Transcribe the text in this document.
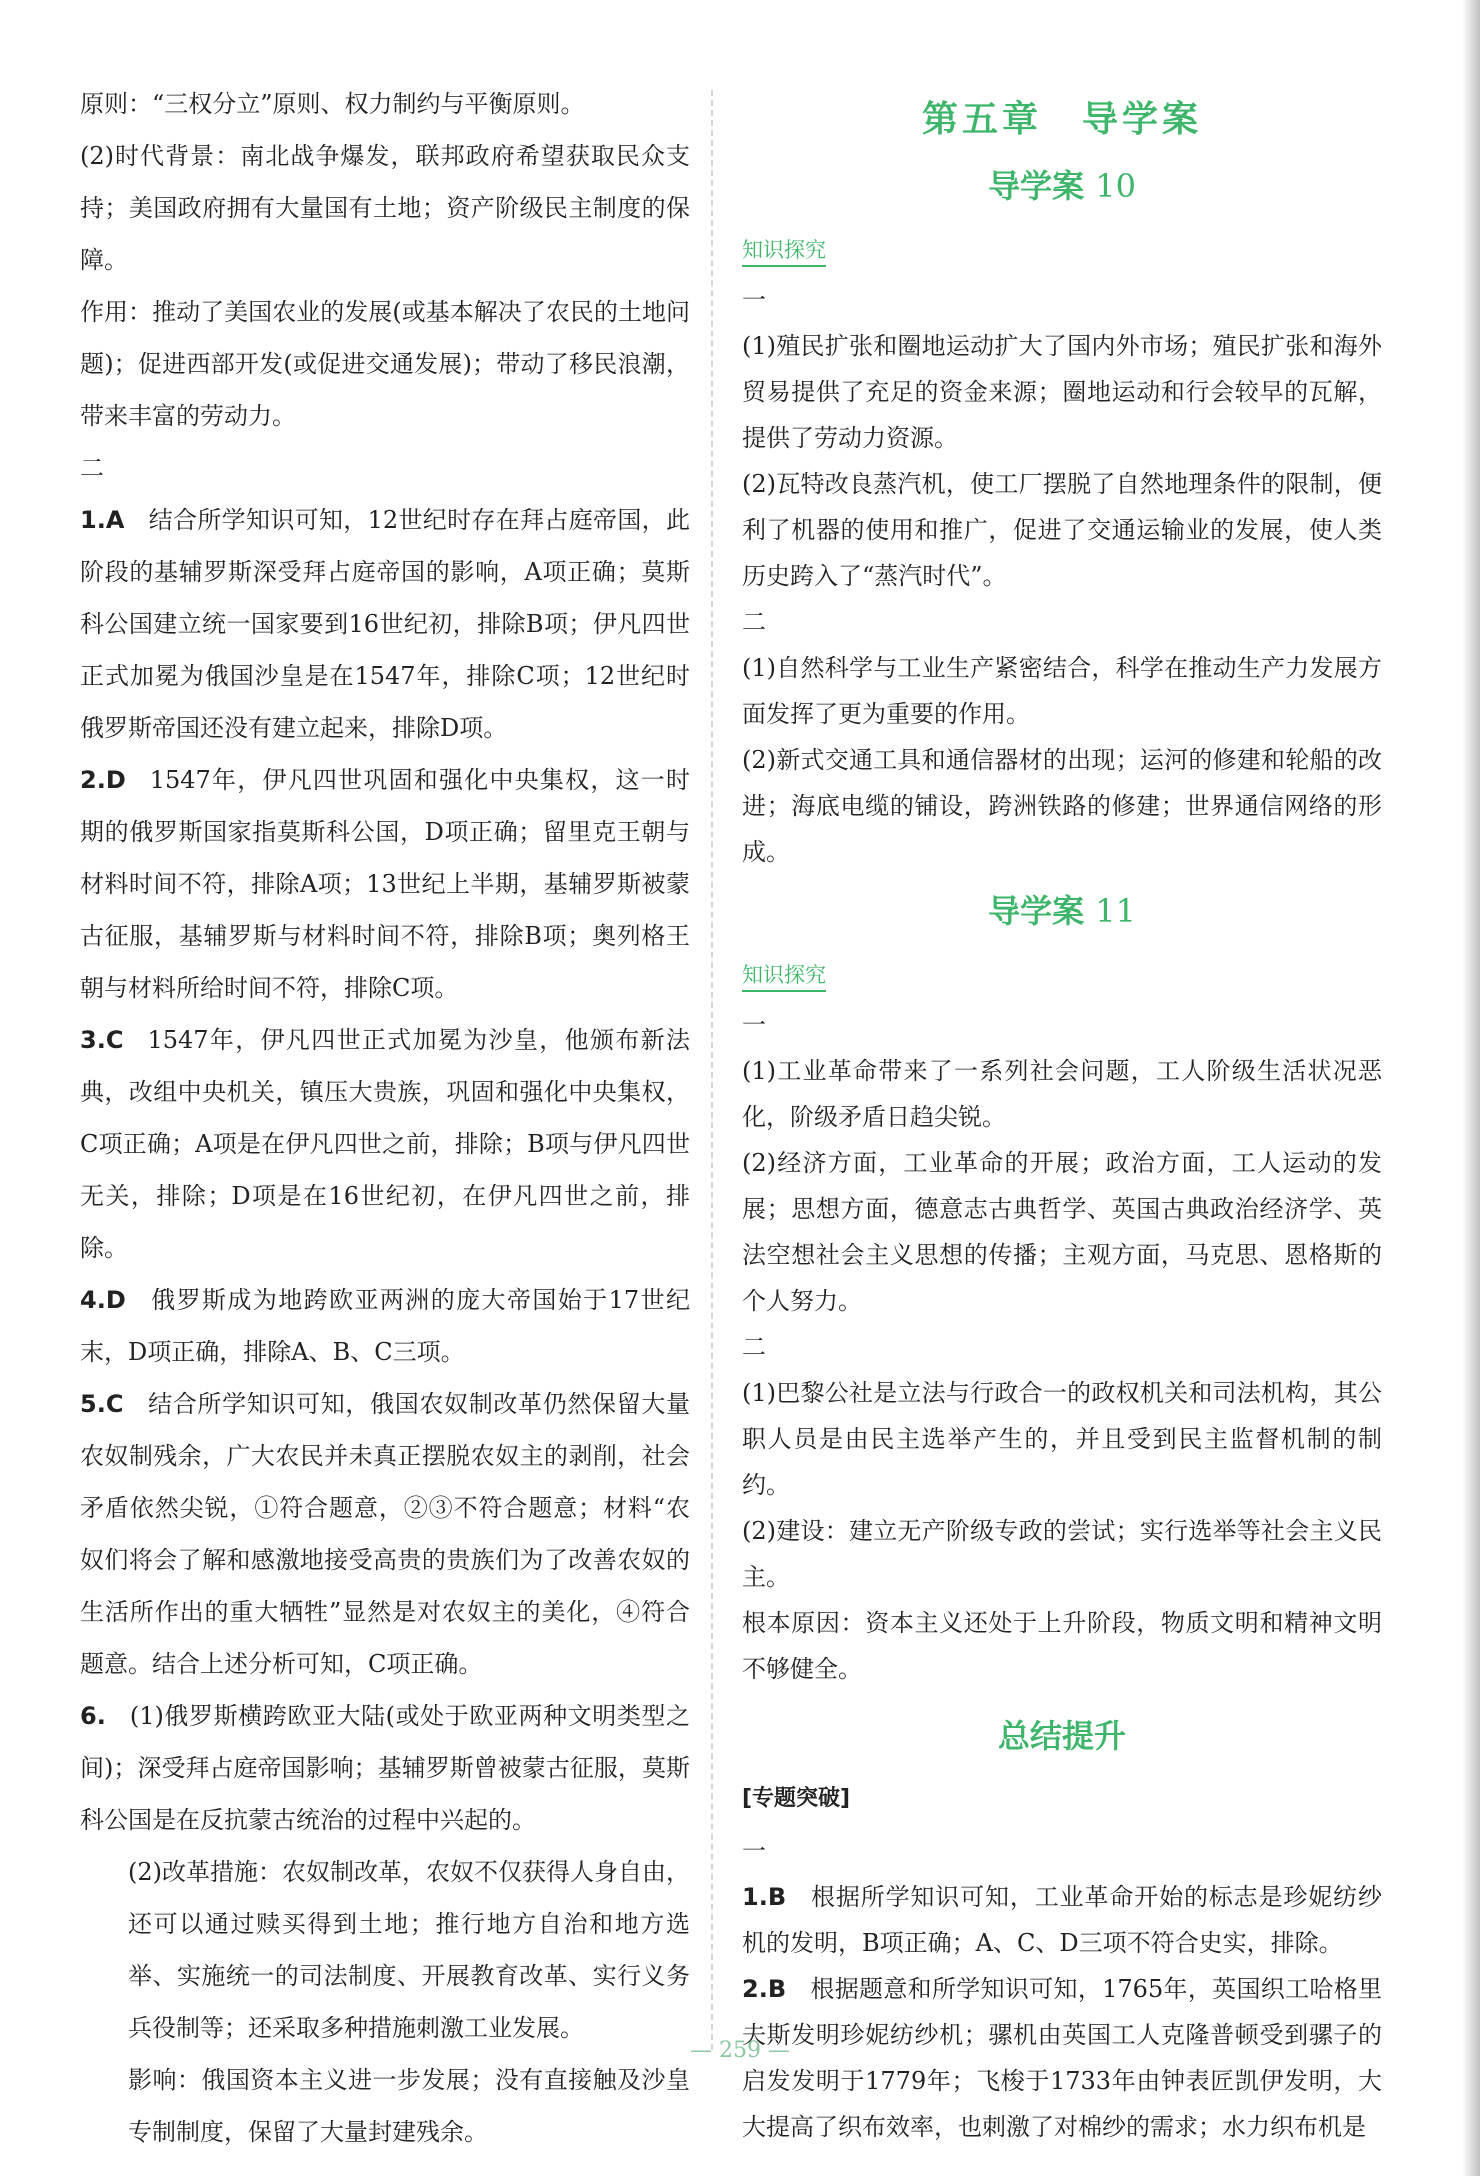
原则：“三权分立”原则、权力制约与平衡原则。

(2)时代背景：南北战争爆发，联邦政府希望获取民众支持；美国政府拥有大量国有土地；资产阶级民主制度的保障。

作用：推动了美国农业的发展(或基本解决了农民的土地问题)；促进西部开发(或促进交通发展)；带动了移民浪潮，带来丰富的劳动力。

二

1.A  结合所学知识可知，12世纪时存在拜占庭帝国，此阶段的基辅罗斯深受拜占庭帝国的影响，A项正确；莫斯科公国建立统一国家要到16世纪初，排除B项；伊凡四世正式加冕为俄国沙皇是在1547年，排除C项；12世纪时俄罗斯帝国还没有建立起来，排除D项。

2.D  1547年，伊凡四世巩固和强化中央集权，这一时期的俄罗斯国家指莫斯科公国，D项正确；留里克王朝与材料时间不符，排除A项；13世纪上半期，基辅罗斯被蒙古征服，基辅罗斯与材料时间不符，排除B项；奥列格王朝与材料所给时间不符，排除C项。

3.C  1547年，伊凡四世正式加冕为沙皇，他颁布新法典，改组中央机关，镇压大贵族，巩固和强化中央集权，C项正确；A项是在伊凡四世之前，排除；B项与伊凡四世无关，排除；D项是在16世纪初，在伊凡四世之前，排除。

4.D  俄罗斯成为地跨欧亚两洲的庞大帝国始于17世纪末，D项正确，排除A、B、C三项。

5.C  结合所学知识可知，俄国农奴制改革仍然保留大量农奴制残余，广大农民并未真正摆脱农奴主的剥削，社会矛盾依然尖锐，①符合题意，②③不符合题意；材料“农奴们将会了解和感激地接受高贵的贵族们为了改善农奴的生活所作出的重大牺牲”显然是对农奴主的美化，④符合题意。结合上述分析可知，C项正确。

6.  (1)俄罗斯横跨欧亚大陆(或处于欧亚两种文明类型之间)；深受拜占庭帝国影响；基辅罗斯曾被蒙古征服，莫斯科公国是在反抗蒙古统治的过程中兴起的。

(2)改革措施：农奴制改革，农奴不仅获得人身自由，还可以通过赎买得到土地；推行地方自治和地方选举、实施统一的司法制度、开展教育改革、实行义务兵役制等；还采取多种措施刺激工业发展。

影响：俄国资本主义进一步发展；没有直接触及沙皇专制制度，保留了大量封建残余。

第五章　导学案
导学案 10
知识探究

一

(1)殖民扩张和圈地运动扩大了国内外市场；殖民扩张和海外贸易提供了充足的资金来源；圈地运动和行会较早的瓦解，提供了劳动力资源。

(2)瓦特改良蒸汽机，使工厂摆脱了自然地理条件的限制，便利了机器的使用和推广，促进了交通运输业的发展，使人类历史跨入了“蒸汽时代”。

二

(1)自然科学与工业生产紧密结合，科学在推动生产力发展方面发挥了更为重要的作用。

(2)新式交通工具和通信器材的出现；运河的修建和轮船的改进；海底电缆的铺设，跨洲铁路的修建；世界通信网络的形成。

导学案 11
知识探究

一

(1)工业革命带来了一系列社会问题，工人阶级生活状况恶化，阶级矛盾日趋尖锐。

(2)经济方面，工业革命的开展；政治方面，工人运动的发展；思想方面，德意志古典哲学、英国古典政治经济学、英法空想社会主义思想的传播；主观方面，马克思、恩格斯的个人努力。

二

(1)巴黎公社是立法与行政合一的政权机关和司法机构，其公职人员是由民主选举产生的，并且受到民主监督机制的制约。

(2)建设：建立无产阶级专政的尝试；实行选举等社会主义民主。

根本原因：资本主义还处于上升阶段，物质文明和精神文明不够健全。

总结提升
[专题突破]

一

1.B  根据所学知识可知，工业革命开始的标志是珍妮纺纱机的发明，B项正确；A、C、D三项不符合史实，排除。

2.B  根据题意和所学知识可知，1765年，英国织工哈格里夫斯发明珍妮纺纱机；骡机由英国工人克隆普顿受到骡子的启发发明于1779年；飞梭于1733年由钟表匠凯伊发明，大大提高了织布效率，也刺激了对棉纱的需求；水力织布机是

— 259 —
